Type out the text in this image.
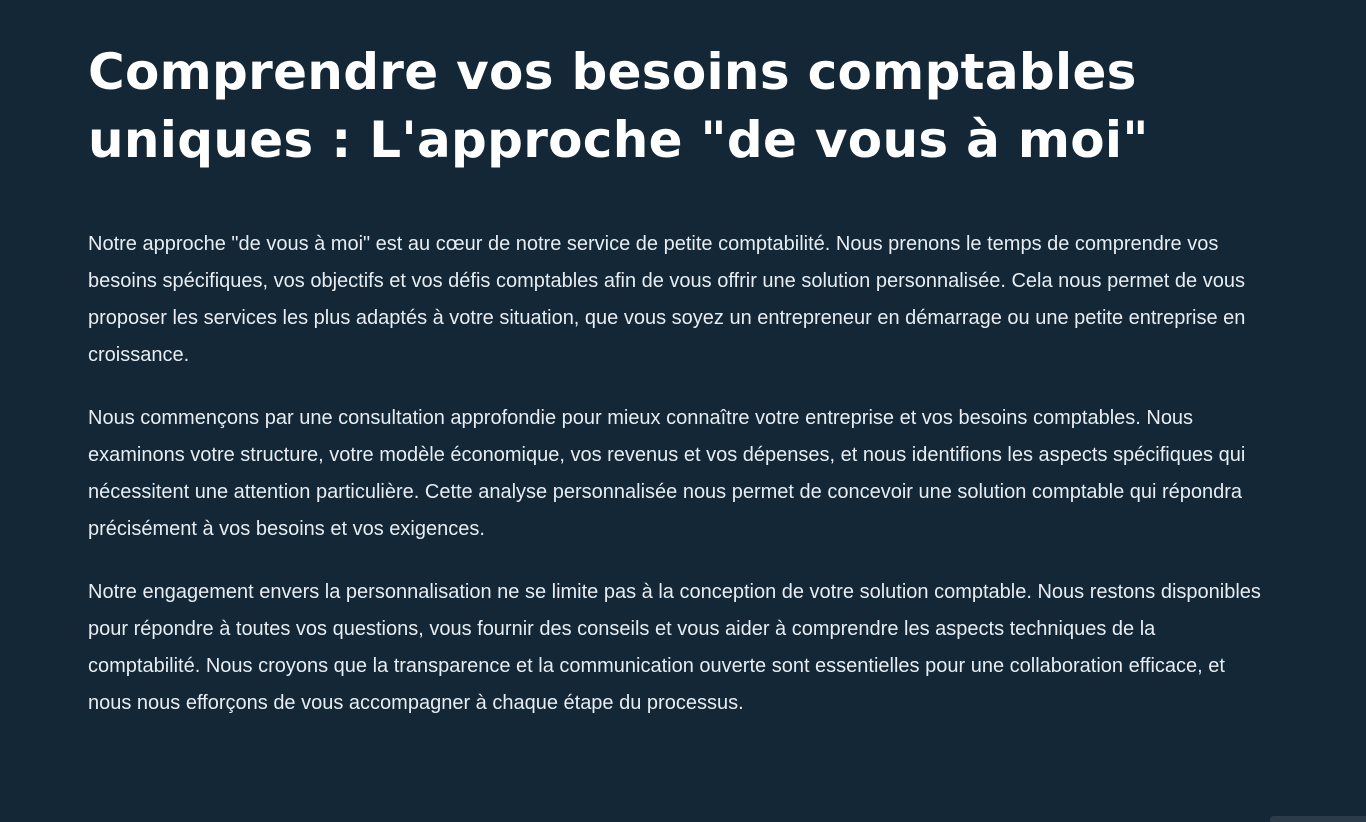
Comprendre vos besoins comptables uniques : L'approche "de vous à moi"

Notre approche "de vous à moi" est au cœur de notre service de petite comptabilité. Nous prenons le temps de comprendre vos besoins spécifiques, vos objectifs et vos défis comptables afin de vous offrir une solution personnalisée. Cela nous permet de vous proposer les services les plus adaptés à votre situation, que vous soyez un entrepreneur en démarrage ou une petite entreprise en croissance.

Nous commençons par une consultation approfondie pour mieux connaître votre entreprise et vos besoins comptables. Nous examinons votre structure, votre modèle économique, vos revenus et vos dépenses, et nous identifions les aspects spécifiques qui nécessitent une attention particulière. Cette analyse personnalisée nous permet de concevoir une solution comptable qui répondra précisément à vos besoins et vos exigences.

Notre engagement envers la personnalisation ne se limite pas à la conception de votre solution comptable. Nous restons disponibles pour répondre à toutes vos questions, vous fournir des conseils et vous aider à comprendre les aspects techniques de la comptabilité. Nous croyons que la transparence et la communication ouverte sont essentielles pour une collaboration efficace, et nous nous efforçons de vous accompagner à chaque étape du processus.
